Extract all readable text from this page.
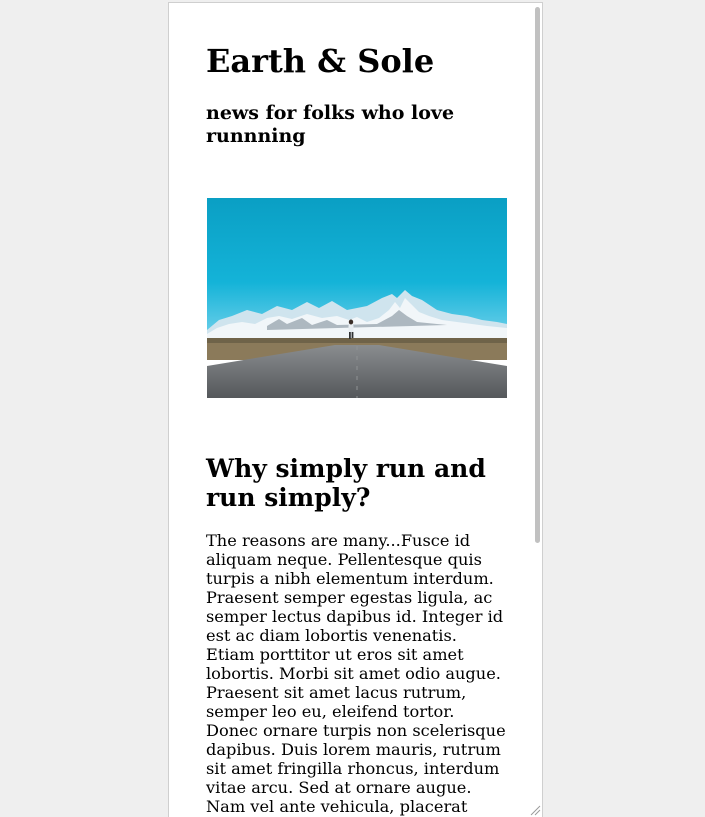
Earth & Sole
news for folks who love runnning
Why simply run and run simply?

The reasons are many...Fusce id aliquam neque. Pellentesque quis turpis a nibh elementum interdum. Praesent semper egestas ligula, ac semper lectus dapibus id. Integer id est ac diam lobortis venenatis. Etiam porttitor ut eros sit amet lobortis. Morbi sit amet odio augue. Praesent sit amet lacus rutrum, semper leo eu, eleifend tortor. Donec ornare turpis non scelerisque dapibus. Duis lorem mauris, rutrum sit amet fringilla rhoncus, interdum vitae arcu. Sed at ornare augue. Nam vel ante vehicula, placerat
